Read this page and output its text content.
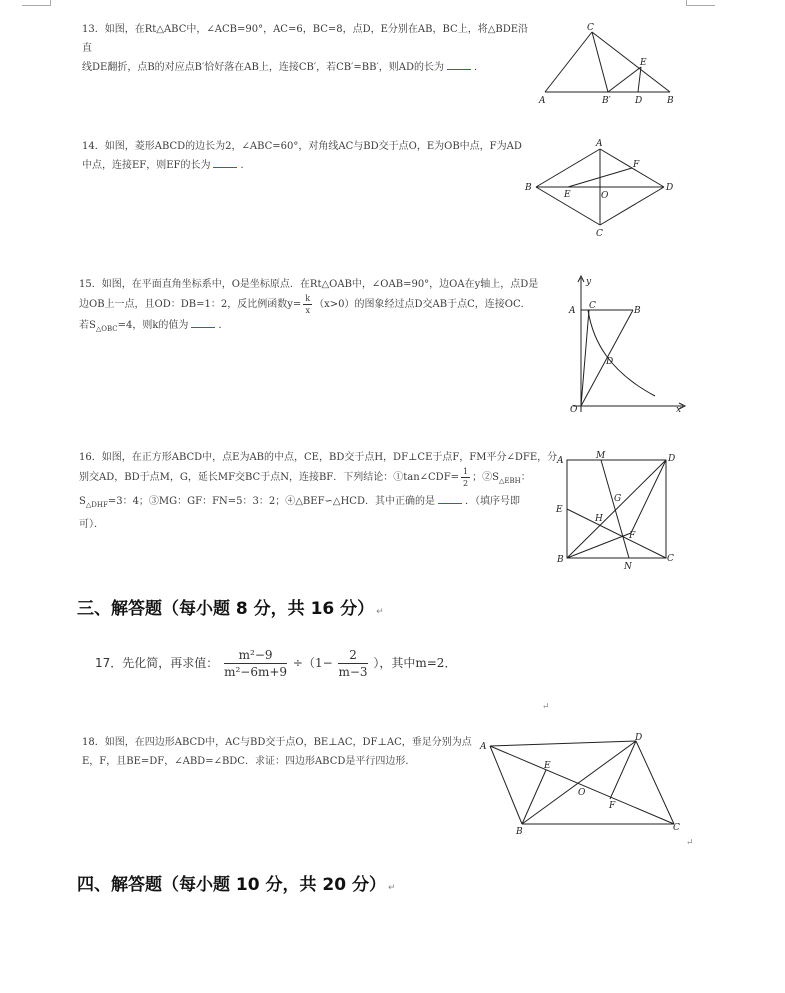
13．如图，在Rt△ABC中，∠ACB=90°，AC=6，BC=8，点D，E分别在AB，BC上，将△BDE沿直
线DE翻折，点B的对应点B′恰好落在AB上，连接CB′，若CB′=BB′，则AD的长为	．
C
A	B′	D	B
E
14．如图，菱形ABCD的边长为2，∠ABC=60°，对角线AC与BD交于点O，E为OB中点，F为AD
中点，连接EF，则EF的长为	．
A
F
B	D
E	O
C
15．如图，在平面直角坐标系中，O是坐标原点．在Rt△OAB中，∠OAB=90°，边OA在y轴上，点D是
边OB上一点，且OD：DB=1：2，反比例函数$y= \frac{k}{x} (x>0)$的图象经过点D交AB于点C，连接OC．
若$S_{\triangle OBC}=4$，则k的值为	．
y
A C	B
D
O	x
16．如图，在正方形ABCD中，点E为AB的中点，CE，BD交于点H，DF⊥CE于点F，FM平分∠DFE，分
别交AD，BD于点M，G，延长MF交BC于点N，连接BF．下列结论：①tan∠CDF= $\frac{1}{2}$ ；$②S_{\triangle EBH}$：
$S_{\triangle DHF}=3$：4；③MG：GF：FN=5：3：2；④△BEF∽△HCD．其中正确的是	．（填序号即
可）．
A	M	D
G
E
H
F
B
N
C
三、解答题（每小题 8 分，共 16 分） ↵
17．先化简，再求值： $\frac{\text{m²−9}}{\text{m²−6m+9}} \div(1- \frac{2}{m-3}$ ），其中m=2．
↵
18．如图，在四边形ABCD中，AC与BD交于点O，BE⊥AC，DF⊥AC，垂足分别为点
E，F，且BE=DF，∠ABD=∠BDC．求证：四边形ABCD是平行四边形．
A
D
E
O
F
B	C
↵
四、解答题（每小题 10 分，共 20 分） ↵
